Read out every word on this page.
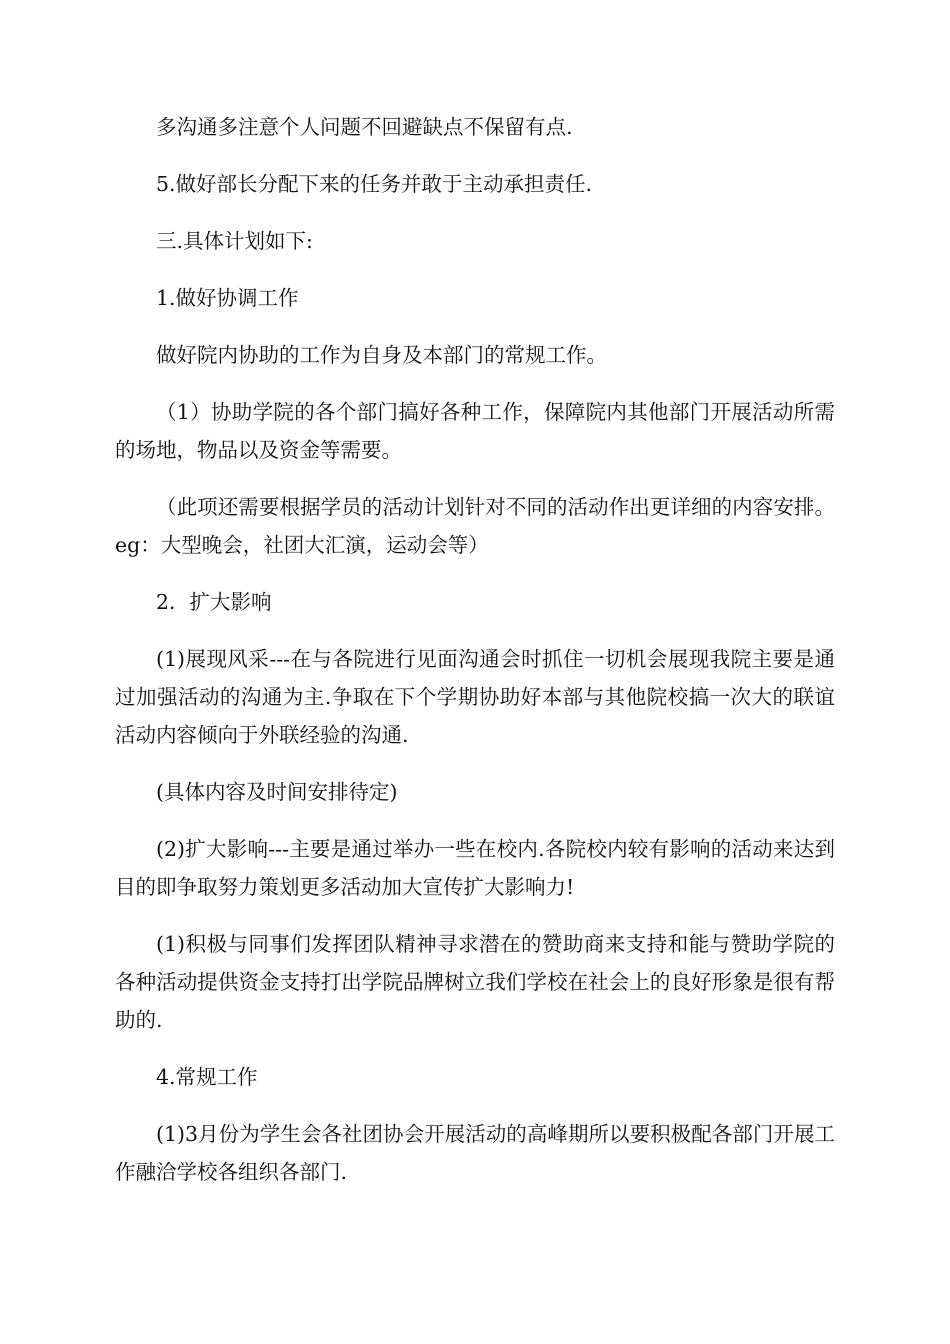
多沟通多注意个人问题不回避缺点不保留有点.

5.做好部长分配下来的任务并敢于主动承担责任.

三.具体计划如下:

1.做好协调工作

做好院内协助的工作为自身及本部门的常规工作。

（1）协助学院的各个部门搞好各种工作，保障院内其他部门开展活动所需的场地，物品以及资金等需要。

（此项还需要根据学员的活动计划针对不同的活动作出更详细的内容安排。eg：大型晚会，社团大汇演，运动会等）

2．扩大影响

(1)展现风采---在与各院进行见面沟通会时抓住一切机会展现我院主要是通过加强活动的沟通为主.争取在下个学期协助好本部与其他院校搞一次大的联谊活动内容倾向于外联经验的沟通.

(具体内容及时间安排待定)

(2)扩大影响---主要是通过举办一些在校内.各院校内较有影响的活动来达到目的即争取努力策划更多活动加大宣传扩大影响力!

(1)积极与同事们发挥团队精神寻求潜在的赞助商来支持和能与赞助学院的各种活动提供资金支持打出学院品牌树立我们学校在社会上的良好形象是很有帮助的.

4.常规工作

(1)3月份为学生会各社团协会开展活动的高峰期所以要积极配各部门开展工作融洽学校各组织各部门.
